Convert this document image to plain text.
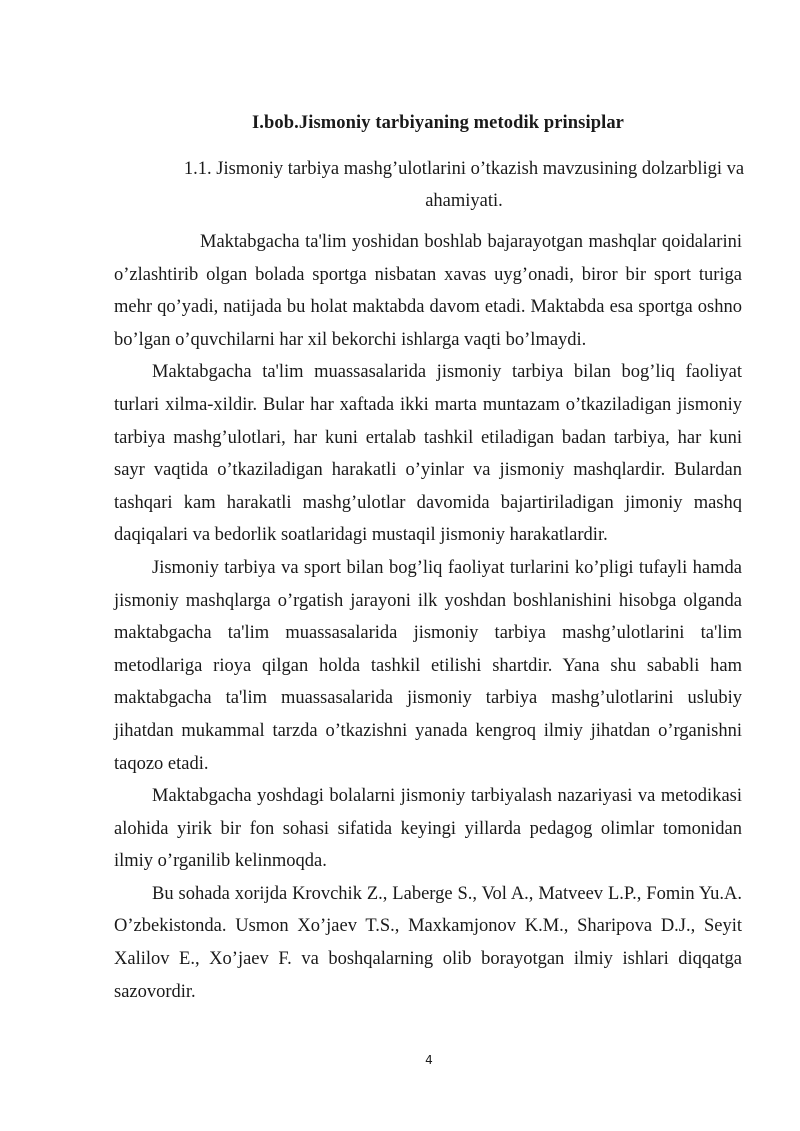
I.bob.Jismoniy tarbiyaning metodik prinsiplar
1.1. Jismoniy tarbiya mashg’ulotlarini o’tkazish mavzusining dolzarbligi va ahamiyati.

Maktabgacha ta'lim yoshidan boshlab bajarayotgan mashqlar qoidalarini o’zlashtirib olgan bolada sportga nisbatan xavas uyg’onadi, biror bir sport turiga mehr qo’yadi, natijada bu holat maktabda davom etadi. Maktabda esa sportga oshno bo’lgan o’quvchilarni har xil bekorchi ishlarga vaqti bo’lmaydi.

Maktabgacha ta'lim muassasalarida jismoniy tarbiya bilan bog’liq faoliyat turlari xilma-xildir. Bular har xaftada ikki marta muntazam o’tkaziladigan jismoniy tarbiya mashg’ulotlari, har kuni ertalab tashkil etiladigan badan tarbiya, har kuni sayr vaqtida o’tkaziladigan harakatli o’yinlar va jismoniy mashqlardir. Bulardan tashqari kam harakatli mashg’ulotlar davomida bajartiriladigan jimoniy mashq daqiqalari va bedorlik soatlaridagi mustaqil jismoniy harakatlardir.

Jismoniy tarbiya va sport bilan bog’liq faoliyat turlarini ko’pligi tufayli hamda jismoniy mashqlarga o’rgatish jarayoni ilk yoshdan boshlanishini hisobga olganda maktabgacha ta'lim muassasalarida jismoniy tarbiya mashg’ulotlarini ta'lim metodlariga rioya qilgan holda tashkil etilishi shartdir. Yana shu sababli ham maktabgacha ta'lim muassasalarida jismoniy tarbiya mashg’ulotlarini uslubiy jihatdan mukammal tarzda o’tkazishni yanada kengroq ilmiy jihatdan o’rganishni taqozo etadi.

Maktabgacha yoshdagi bolalarni jismoniy tarbiyalash nazariyasi va metodikasi alohida yirik bir fon sohasi sifatida keyingi yillarda pedagog olimlar tomonidan ilmiy o’rganilib kelinmoqda.

Bu sohada xorijda Krovchik Z., Laberge S., Vol A., Matveev L.P., Fomin Yu.A. O’zbekistonda. Usmon Xo’jaev T.S., Maxkamjonov K.M., Sharipova D.J., Seyit Xalilov E., Xo’jaev F. va boshqalarning olib borayotgan ilmiy ishlari diqqatga sazovordir.

4
